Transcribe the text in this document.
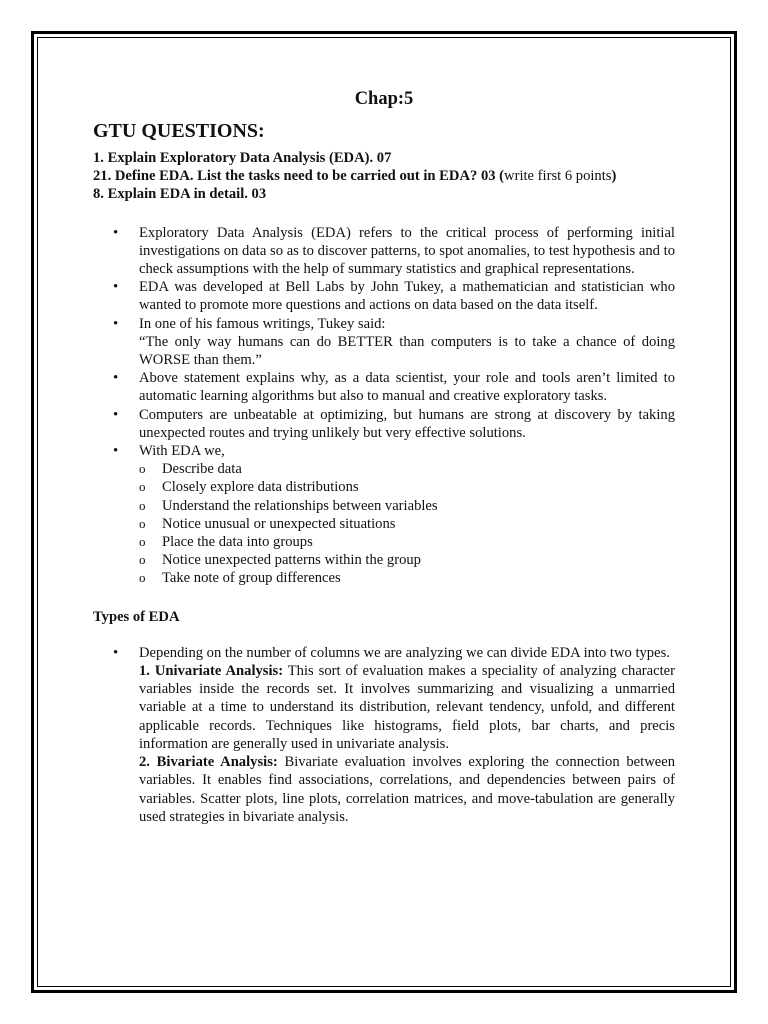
Chap:5
GTU QUESTIONS:

1. Explain Exploratory Data Analysis (EDA). 07

21. Define EDA. List the tasks need to be carried out in EDA? 03 (write first 6 points)

8. Explain EDA in detail. 03

• Exploratory Data Analysis (EDA) refers to the critical process of performing initial investigations on data so as to discover patterns, to spot anomalies, to test hypothesis and to check assumptions with the help of summary statistics and graphical representations.
• EDA was developed at Bell Labs by John Tukey, a mathematician and statistician who wanted to promote more questions and actions on data based on the data itself.
• In one of his famous writings, Tukey said:
“The only way humans can do BETTER than computers is to take a chance of doing WORSE than them.”
• Above statement explains why, as a data scientist, your role and tools aren’t limited to automatic learning algorithms but also to manual and creative exploratory tasks.
• Computers are unbeatable at optimizing, but humans are strong at discovery by taking unexpected routes and trying unlikely but very effective solutions.
• With EDA we,
o Describe data
o Closely explore data distributions
o Understand the relationships between variables
o Notice unusual or unexpected situations
o Place the data into groups
o Notice unexpected patterns within the group
o Take note of group differences
Types of EDA
• Depending on the number of columns we are analyzing we can divide EDA into two types.
1. Univariate Analysis: This sort of evaluation makes a speciality of analyzing character variables inside the records set. It involves summarizing and visualizing a unmarried variable at a time to understand its distribution, relevant tendency, unfold, and different applicable records. Techniques like histograms, field plots, bar charts, and precis information are generally used in univariate analysis.
2. Bivariate Analysis: Bivariate evaluation involves exploring the connection between variables. It enables find associations, correlations, and dependencies between pairs of variables. Scatter plots, line plots, correlation matrices, and move-tabulation are generally used strategies in bivariate analysis.
